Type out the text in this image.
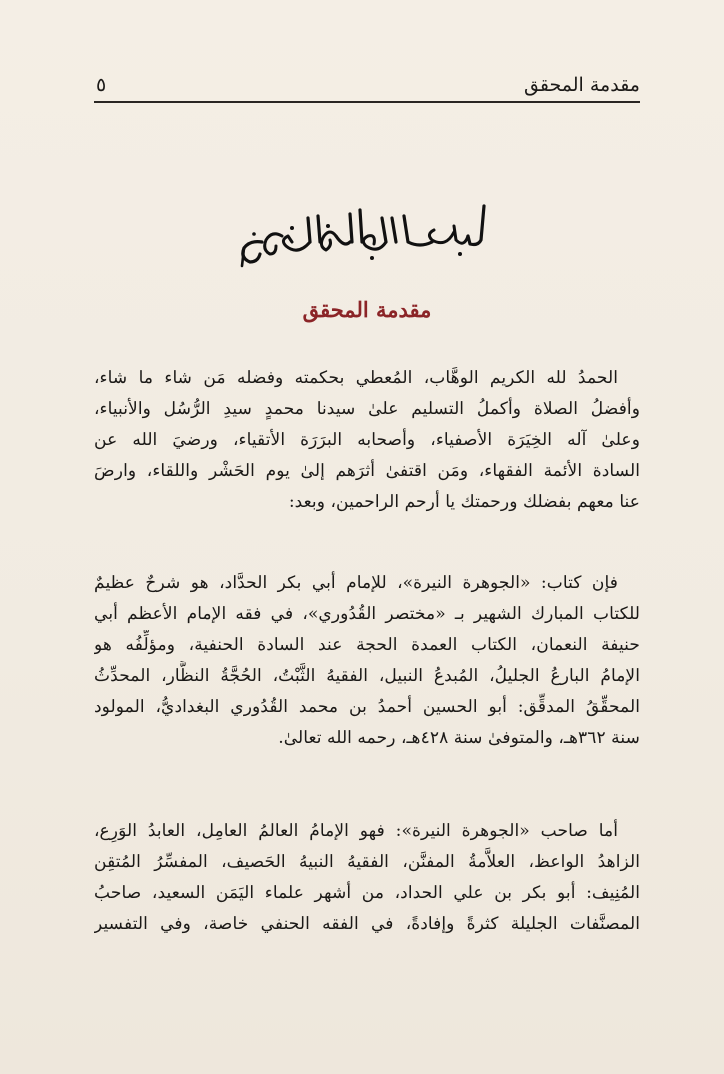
مقدمة المحقق
٥
مقدمة المحقق
الحمدُ لله الكريم الوهَّاب، المُعطي بحكمته وفضله مَن شاء ما شاء،
وأفضلُ الصلاة وأكملُ التسليم علىٰ سيدنا محمدٍ سيدِ الرُّسُل والأنبياء،
وعلىٰ آله الخِيَرَة الأصفياء، وأصحابه البرَرَة الأتقياء، ورضيَ الله عن
السادة الأئمة الفقهاء، ومَن اقتفىٰ أثرَهم إلىٰ يوم الحَشْر واللقاء، وارضَ
عنا معهم بفضلك ورحمتك يا أرحم الراحمين، وبعد:
فإن كتاب: «الجوهرة النيرة»، للإمام أبي بكر الحدَّاد، هو شرحٌ عظيمٌ
للكتاب المبارك الشهير بـ «مختصر القُدُوري»، في فقه الإمام الأعظم أبي
حنيفة النعمان، الكتاب العمدة الحجة عند السادة الحنفية، ومؤلِّفُه هو
الإمامُ البارعُ الجليلُ، المُبدعُ النبيل، الفقيهُ الثَّبْتُ، الحُجَّةُ النظَّار، المحدِّثُ
المحقِّقُ المدقِّق: أبو الحسين أحمدُ بن محمد القُدُوري البغداديُّ، المولود
سنة ٣٦٢هـ، والمتوفىٰ سنة ٤٢٨هـ، رحمه الله تعالىٰ.
أما صاحب «الجوهرة النيرة»: فهو الإمامُ العالمُ العامِل، العابدُ الوَرِع،
الزاهدُ الواعظ، العلاَّمةُ المفنَّن، الفقيهُ النبيهُ الحَصيف، المفسِّرُ المُتقِن
المُنِيف: أبو بكر بن علي الحداد، من أشهر علماء اليَمَن السعيد، صاحبُ
المصنَّفات الجليلة كثرةً وإفادةً، في الفقه الحنفي خاصة، وفي التفسير
